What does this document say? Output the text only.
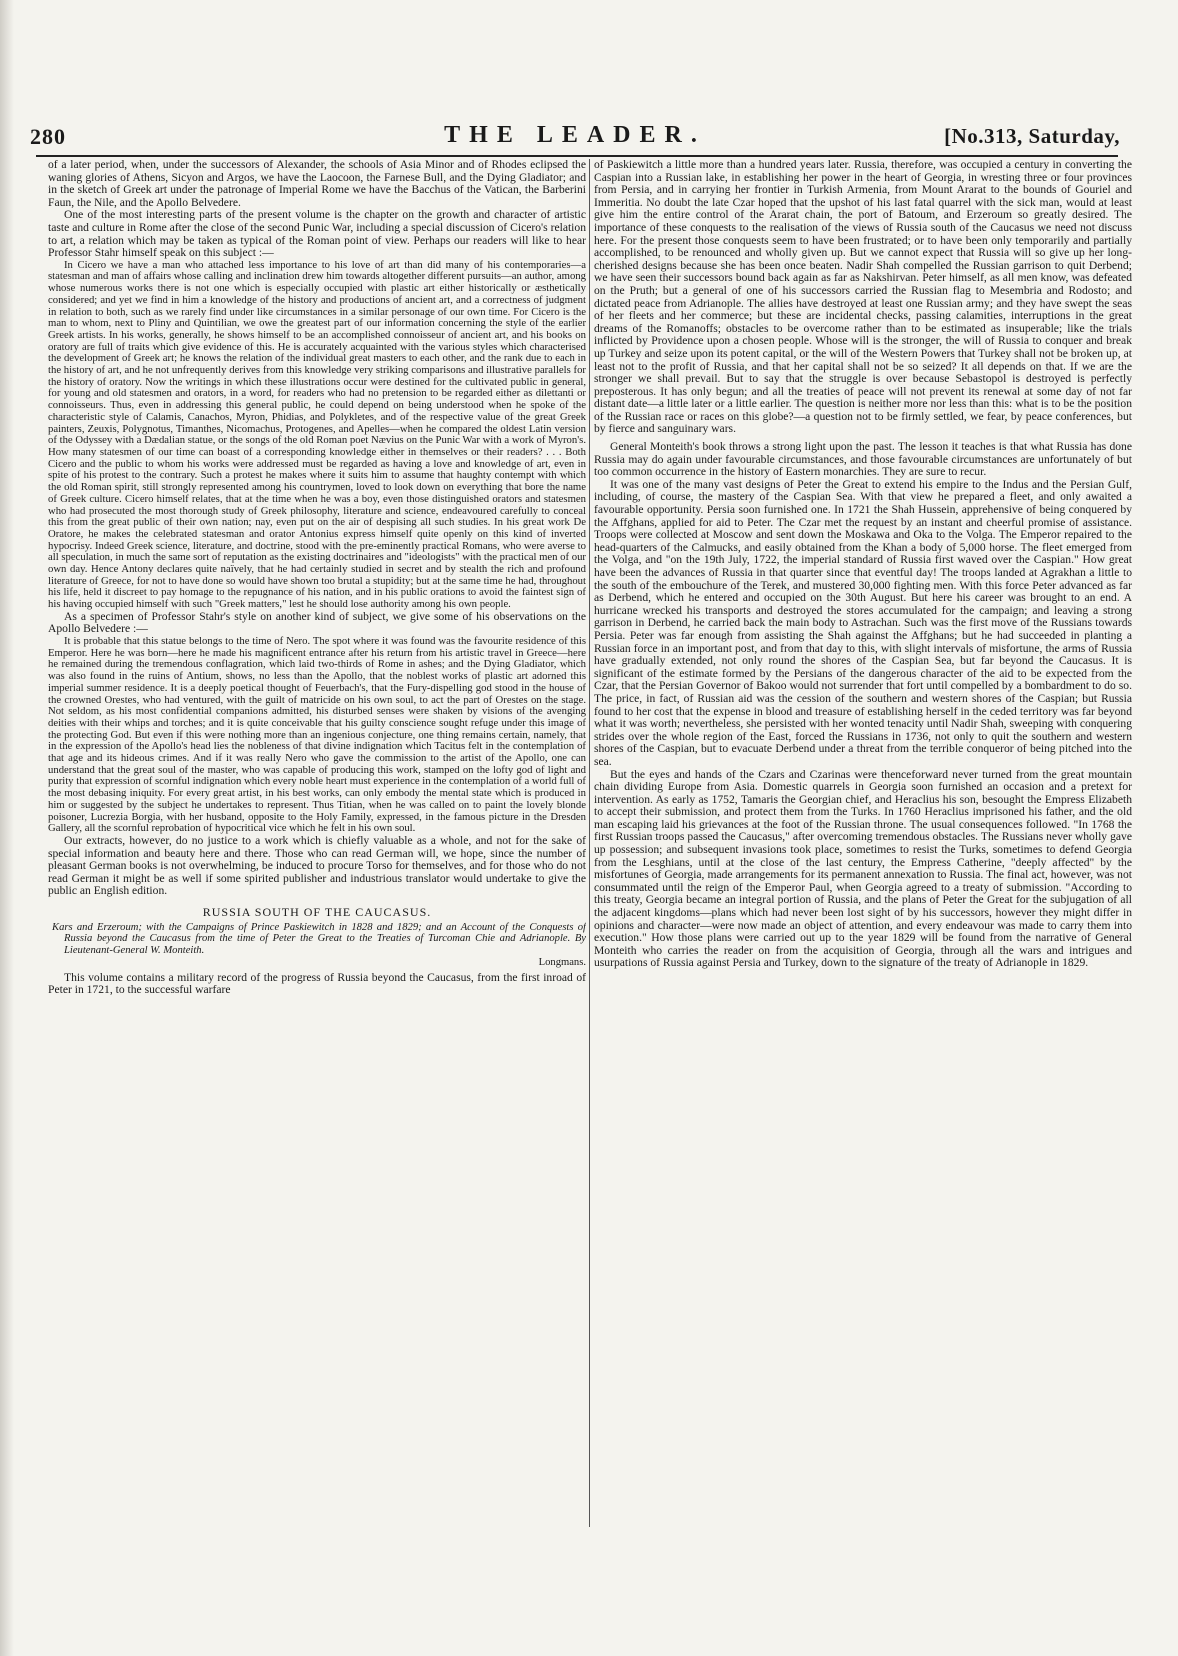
280	THE LEADER.	[No.313, Saturday,

of a later period, when, under the successors of Alexander, the schools of Asia Minor and of Rhodes eclipsed the waning glories of Athens, Sicyon and Argos, we have the Laocoon, the Farnese Bull, and the Dying Gladiator; and in the sketch of Greek art under the patronage of Imperial Rome we have the Bacchus of the Vatican, the Barberini Faun, the Nile, and the Apollo Belvedere.

One of the most interesting parts of the present volume is the chapter on the growth and character of artistic taste and culture in Rome after the close of the second Punic War, including a special discussion of Cicero's relation to art, a relation which may be taken as typical of the Roman point of view. Perhaps our readers will like to hear Professor Stahr himself speak on this subject :—

In Cicero we have a man who attached less importance to his love of art than did many of his contemporaries—a statesman and man of affairs whose calling and inclination drew him towards altogether different pursuits—an author, among whose numerous works there is not one which is especially occupied with plastic art either historically or æsthetically considered; and yet we find in him a knowledge of the history and productions of ancient art, and a correctness of judgment in relation to both, such as we rarely find under like circumstances in a similar personage of our own time. For Cicero is the man to whom, next to Pliny and Quintilian, we owe the greatest part of our information concerning the style of the earlier Greek artists. In his works, generally, he shows himself to be an accomplished connoisseur of ancient art, and his books on oratory are full of traits which give evidence of this. He is accurately acquainted with the various styles which characterised the development of Greek art; he knows the relation of the individual great masters to each other, and the rank due to each in the history of art, and he not unfrequently derives from this knowledge very striking comparisons and illustrative parallels for the history of oratory. Now the writings in which these illustrations occur were destined for the cultivated public in general, for young and old statesmen and orators, in a word, for readers who had no pretension to be regarded either as dilettanti or connoisseurs. Thus, even in addressing this general public, he could depend on being understood when he spoke of the characteristic style of Calamis, Canachos, Myron, Phidias, and Polykletes, and of the respective value of the great Greek painters, Zeuxis, Polygnotus, Timanthes, Nicomachus, Protogenes, and Apelles—when he compared the oldest Latin version of the Odyssey with a Dædalian statue, or the songs of the old Roman poet Nævius on the Punic War with a work of Myron's. How many statesmen of our time can boast of a corresponding knowledge either in themselves or their readers? . . . Both Cicero and the public to whom his works were addressed must be regarded as having a love and knowledge of art, even in spite of his protest to the contrary. Such a protest he makes where it suits him to assume that haughty contempt with which the old Roman spirit, still strongly represented among his countrymen, loved to look down on everything that bore the name of Greek culture. Cicero himself relates, that at the time when he was a boy, even those distinguished orators and statesmen who had prosecuted the most thorough study of Greek philosophy, literature and science, endeavoured carefully to conceal this from the great public of their own nation; nay, even put on the air of despising all such studies. In his great work De Oratore, he makes the celebrated statesman and orator Antonius express himself quite openly on this kind of inverted hypocrisy. Indeed Greek science, literature, and doctrine, stood with the pre-eminently practical Romans, who were averse to all speculation, in much the same sort of reputation as the existing doctrinaires and "ideologists" with the practical men of our own day. Hence Antony declares quite naïvely, that he had certainly studied in secret and by stealth the rich and profound literature of Greece, for not to have done so would have shown too brutal a stupidity; but at the same time he had, throughout his life, held it discreet to pay homage to the repugnance of his nation, and in his public orations to avoid the faintest sign of his having occupied himself with such "Greek matters," lest he should lose authority among his own people.

As a specimen of Professor Stahr's style on another kind of subject, we give some of his observations on the Apollo Belvedere :—

It is probable that this statue belongs to the time of Nero. The spot where it was found was the favourite residence of this Emperor. Here he was born—here he made his magnificent entrance after his return from his artistic travel in Greece—here he remained during the tremendous conflagration, which laid two-thirds of Rome in ashes; and the Dying Gladiator, which was also found in the ruins of Antium, shows, no less than the Apollo, that the noblest works of plastic art adorned this imperial summer residence. It is a deeply poetical thought of Feuerbach's, that the Fury-dispelling god stood in the house of the crowned Orestes, who had ventured, with the guilt of matricide on his own soul, to act the part of Orestes on the stage. Not seldom, as his most confidential companions admitted, his disturbed senses were shaken by visions of the avenging deities with their whips and torches; and it is quite conceivable that his guilty conscience sought refuge under this image of the protecting God. But even if this were nothing more than an ingenious conjecture, one thing remains certain, namely, that in the expression of the Apollo's head lies the nobleness of that divine indignation which Tacitus felt in the contemplation of that age and its hideous crimes. And if it was really Nero who gave the commission to the artist of the Apollo, one can understand that the great soul of the master, who was capable of producing this work, stamped on the lofty god of light and purity that expression of scornful indignation which every noble heart must experience in the contemplation of a world full of the most debasing iniquity. For every great artist, in his best works, can only embody the mental state which is produced in him or suggested by the subject he undertakes to represent. Thus Titian, when he was called on to paint the lovely blonde poisoner, Lucrezia Borgia, with her husband, opposite to the Holy Family, expressed, in the famous picture in the Dresden Gallery, all the scornful reprobation of hypocritical vice which he felt in his own soul.

Our extracts, however, do no justice to a work which is chiefly valuable as a whole, and not for the sake of special information and beauty here and there. Those who can read German will, we hope, since the number of pleasant German books is not overwhelming, be induced to procure Torso for themselves, and for those who do not read German it might be as well if some spirited publisher and industrious translator would undertake to give the public an English edition.

RUSSIA SOUTH OF THE CAUCASUS.
Kars and Erzeroum; with the Campaigns of Prince Paskiewitch in 1828 and 1829; and an Account of the Conquests of Russia beyond the Caucasus from the time of Peter the Great to the Treaties of Turcoman Chie and Adrianople. By Lieutenant-General W. Monteith.
Longmans.

This volume contains a military record of the progress of Russia beyond the Caucasus, from the first inroad of Peter in 1721, to the successful warfare

of Paskiewitch a little more than a hundred years later. Russia, therefore, was occupied a century in converting the Caspian into a Russian lake, in establishing her power in the heart of Georgia, in wresting three or four provinces from Persia, and in carrying her frontier in Turkish Armenia, from Mount Ararat to the bounds of Gouriel and Immeritia. No doubt the late Czar hoped that the upshot of his last fatal quarrel with the sick man, would at least give him the entire control of the Ararat chain, the port of Batoum, and Erzeroum so greatly desired. The importance of these conquests to the realisation of the views of Russia south of the Caucasus we need not discuss here. For the present those conquests seem to have been frustrated; or to have been only temporarily and partially accomplished, to be renounced and wholly given up. But we cannot expect that Russia will so give up her long-cherished designs because she has been once beaten. Nadir Shah compelled the Russian garrison to quit Derbend; we have seen their successors bound back again as far as Nakshirvan. Peter himself, as all men know, was defeated on the Pruth; but a general of one of his successors carried the Russian flag to Mesembria and Rodosto; and dictated peace from Adrianople. The allies have destroyed at least one Russian army; and they have swept the seas of her fleets and her commerce; but these are incidental checks, passing calamities, interruptions in the great dreams of the Romanoffs; obstacles to be overcome rather than to be estimated as insuperable; like the trials inflicted by Providence upon a chosen people. Whose will is the stronger, the will of Russia to conquer and break up Turkey and seize upon its potent capital, or the will of the Western Powers that Turkey shall not be broken up, at least not to the profit of Russia, and that her capital shall not be so seized? It all depends on that. If we are the stronger we shall prevail. But to say that the struggle is over because Sebastopol is destroyed is perfectly preposterous. It has only begun; and all the treaties of peace will not prevent its renewal at some day of not far distant date—a little later or a little earlier. The question is neither more nor less than this: what is to be the position of the Russian race or races on this globe?—a question not to be firmly settled, we fear, by peace conferences, but by fierce and sanguinary wars.

General Monteith's book throws a strong light upon the past. The lesson it teaches is that what Russia has done Russia may do again under favourable circumstances, and those favourable circumstances are unfortunately of but too common occurrence in the history of Eastern monarchies. They are sure to recur.

It was one of the many vast designs of Peter the Great to extend his empire to the Indus and the Persian Gulf, including, of course, the mastery of the Caspian Sea. With that view he prepared a fleet, and only awaited a favourable opportunity. Persia soon furnished one. In 1721 the Shah Hussein, apprehensive of being conquered by the Affghans, applied for aid to Peter. The Czar met the request by an instant and cheerful promise of assistance. Troops were collected at Moscow and sent down the Moskawa and Oka to the Volga. The Emperor repaired to the head-quarters of the Calmucks, and easily obtained from the Khan a body of 5,000 horse. The fleet emerged from the Volga, and "on the 19th July, 1722, the imperial standard of Russia first waved over the Caspian." How great have been the advances of Russia in that quarter since that eventful day! The troops landed at Agrakhan a little to the south of the embouchure of the Terek, and mustered 30,000 fighting men. With this force Peter advanced as far as Derbend, which he entered and occupied on the 30th August. But here his career was brought to an end. A hurricane wrecked his transports and destroyed the stores accumulated for the campaign; and leaving a strong garrison in Derbend, he carried back the main body to Astrachan. Such was the first move of the Russians towards Persia. Peter was far enough from assisting the Shah against the Affghans; but he had succeeded in planting a Russian force in an important post, and from that day to this, with slight intervals of misfortune, the arms of Russia have gradually extended, not only round the shores of the Caspian Sea, but far beyond the Caucasus. It is significant of the estimate formed by the Persians of the dangerous character of the aid to be expected from the Czar, that the Persian Governor of Bakoo would not surrender that fort until compelled by a bombardment to do so. The price, in fact, of Russian aid was the cession of the southern and western shores of the Caspian; but Russia found to her cost that the expense in blood and treasure of establishing herself in the ceded territory was far beyond what it was worth; nevertheless, she persisted with her wonted tenacity until Nadir Shah, sweeping with conquering strides over the whole region of the East, forced the Russians in 1736, not only to quit the southern and western shores of the Caspian, but to evacuate Derbend under a threat from the terrible conqueror of being pitched into the sea.

But the eyes and hands of the Czars and Czarinas were thenceforward never turned from the great mountain chain dividing Europe from Asia. Domestic quarrels in Georgia soon furnished an occasion and a pretext for intervention. As early as 1752, Tamaris the Georgian chief, and Heraclius his son, besought the Empress Elizabeth to accept their submission, and protect them from the Turks. In 1760 Heraclius imprisoned his father, and the old man escaping laid his grievances at the foot of the Russian throne. The usual consequences followed. "In 1768 the first Russian troops passed the Caucasus," after overcoming tremendous obstacles. The Russians never wholly gave up possession; and subsequent invasions took place, sometimes to resist the Turks, sometimes to defend Georgia from the Lesghians, until at the close of the last century, the Empress Catherine, "deeply affected" by the misfortunes of Georgia, made arrangements for its permanent annexation to Russia. The final act, however, was not consummated until the reign of the Emperor Paul, when Georgia agreed to a treaty of submission. "According to this treaty, Georgia became an integral portion of Russia, and the plans of Peter the Great for the subjugation of all the adjacent kingdoms—plans which had never been lost sight of by his successors, however they might differ in opinions and character—were now made an object of attention, and every endeavour was made to carry them into execution." How those plans were carried out up to the year 1829 will be found from the narrative of General Monteith who carries the reader on from the acquisition of Georgia, through all the wars and intrigues and usurpations of Russia against Persia and Turkey, down to the signature of the treaty of Adrianople in 1829.
